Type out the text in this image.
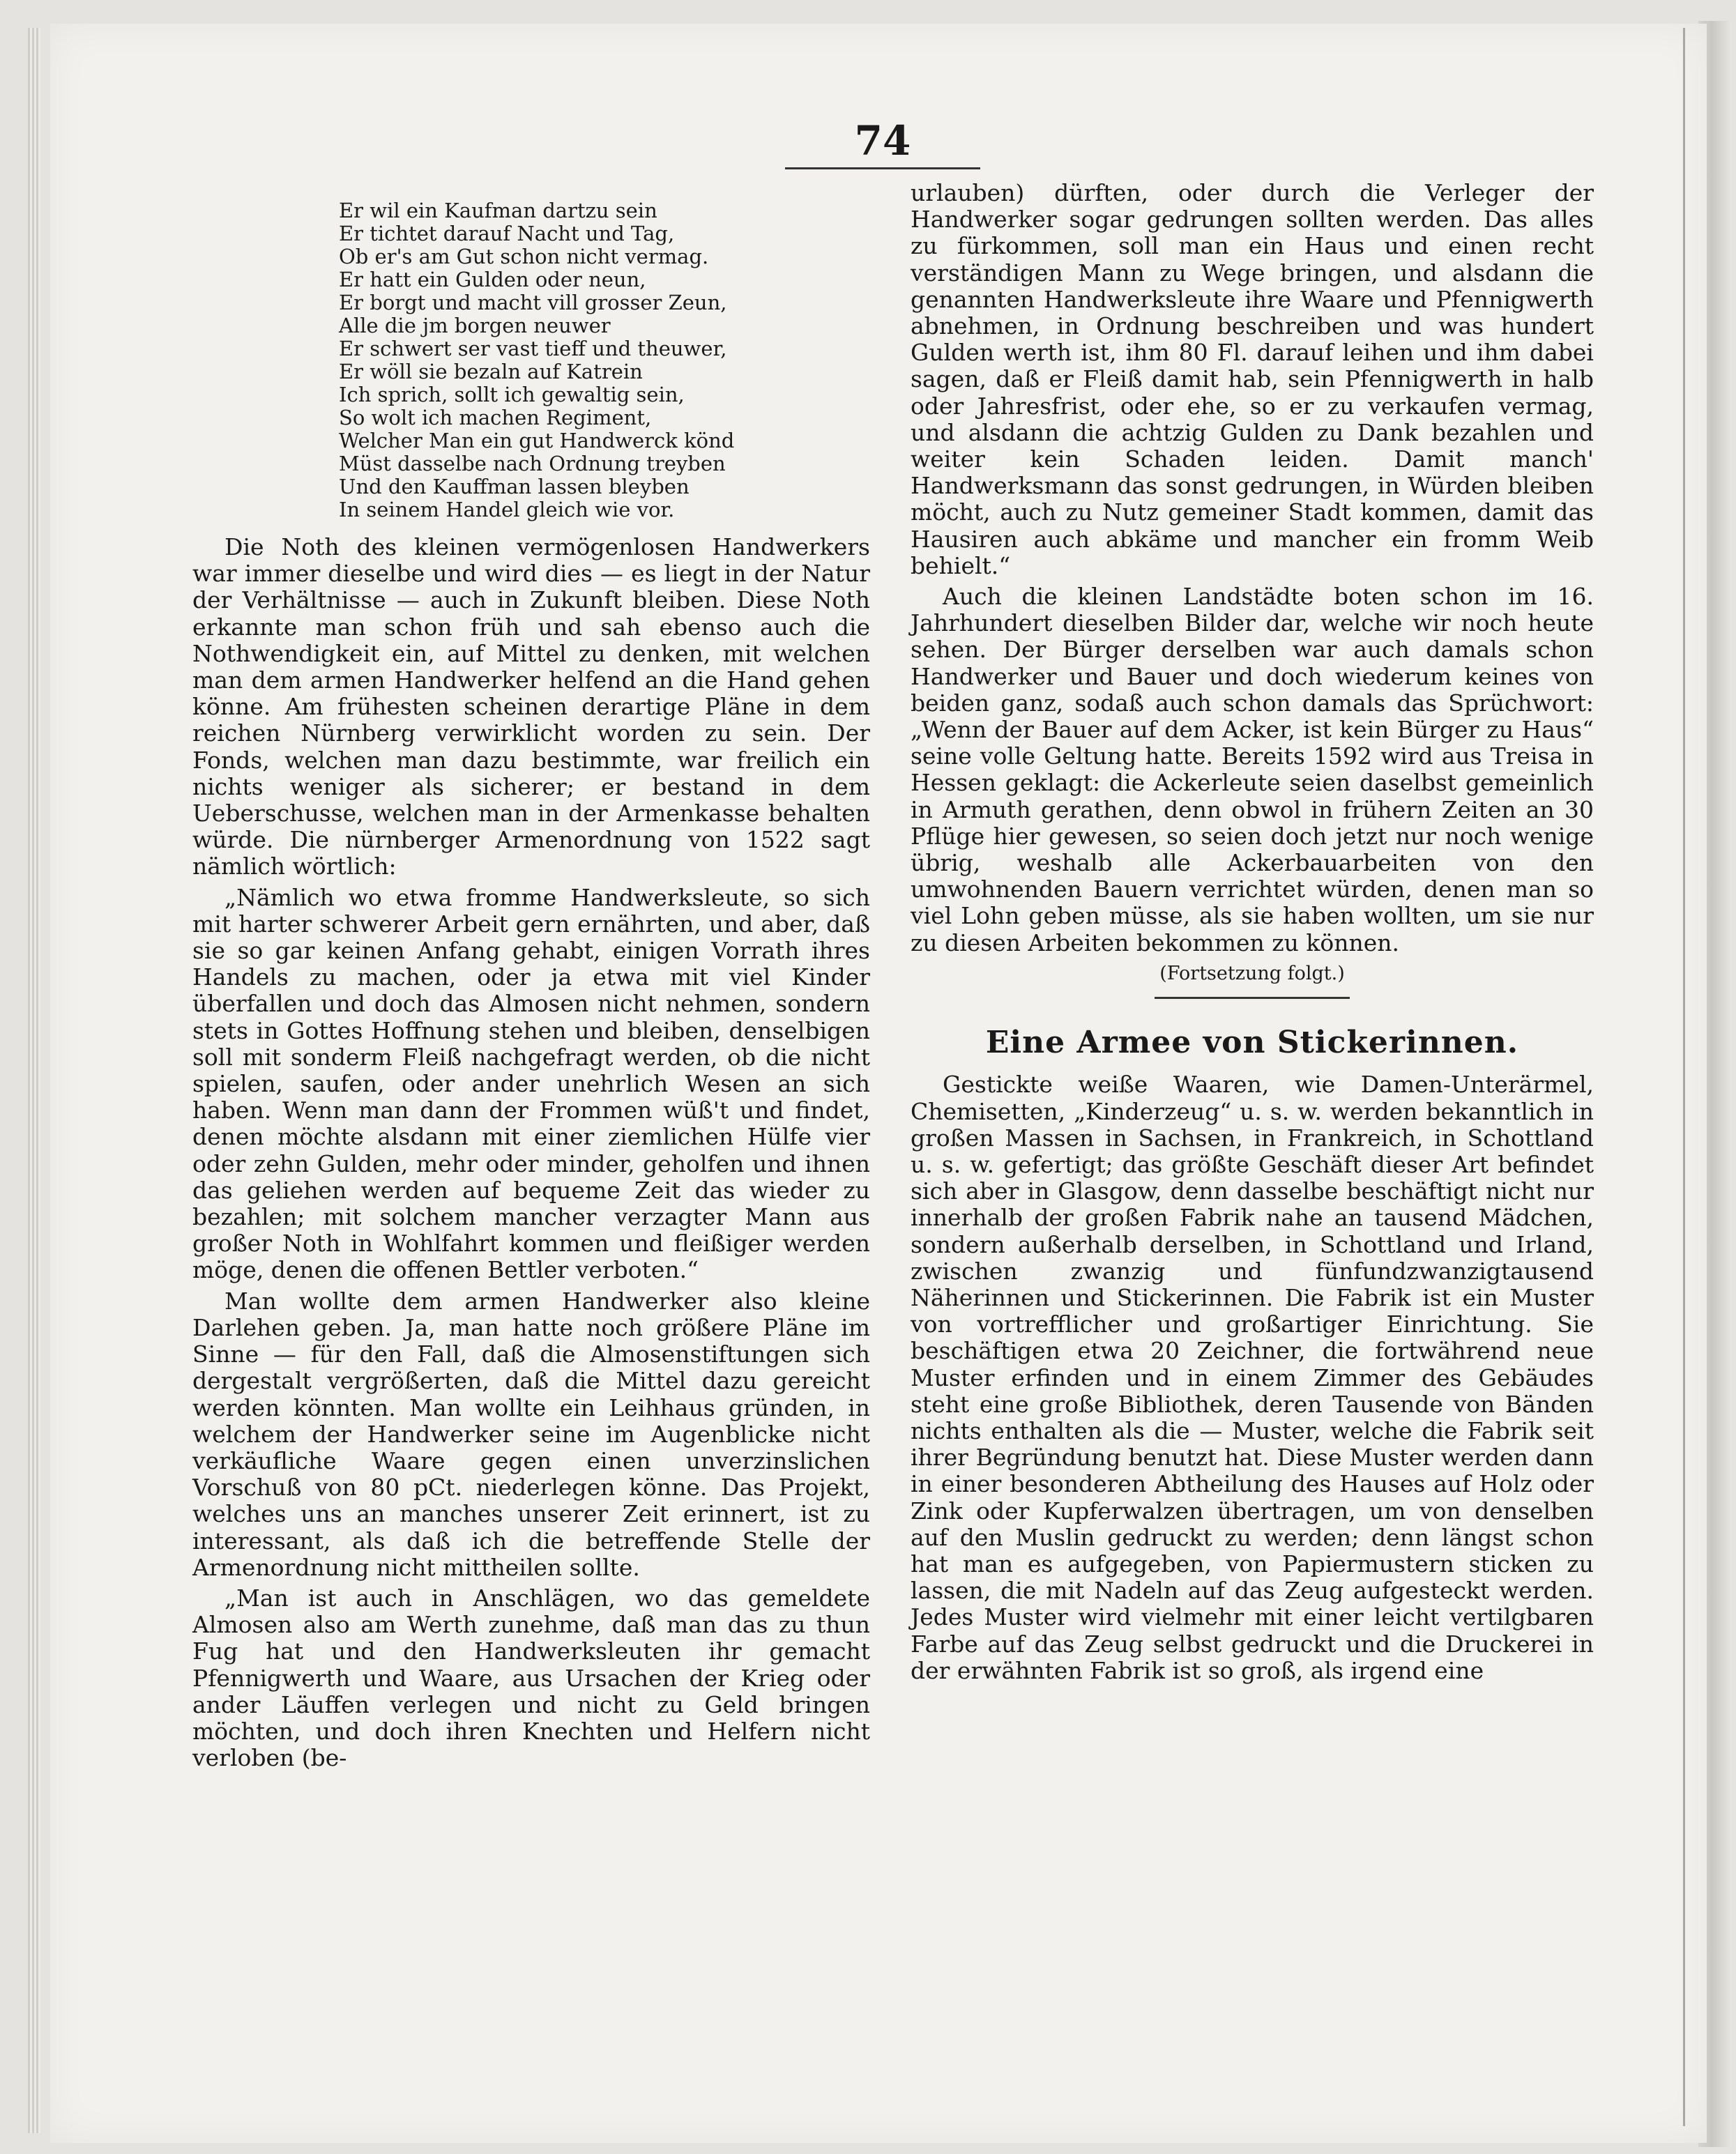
74
Er wil ein Kaufman dartzu sein
Er tichtet darauf Nacht und Tag,
Ob er's am Gut schon nicht vermag.
Er hatt ein Gulden oder neun,
Er borgt und macht vill grosser Zeun,
Alle die jm borgen neuwer
Er schwert ser vast tieff und theuwer,
Er wöll sie bezaln auf Katrein
Ich sprich, sollt ich gewaltig sein,
So wolt ich machen Regiment,
Welcher Man ein gut Handwerck könd
Müst dasselbe nach Ordnung treyben
Und den Kauffman lassen bleyben
In seinem Handel gleich wie vor.

Die Noth des kleinen vermögenlosen Handwerkers war immer dieselbe und wird dies — es liegt in der Natur der Verhältnisse — auch in Zukunft bleiben. Diese Noth erkannte man schon früh und sah ebenso auch die Nothwendigkeit ein, auf Mittel zu denken, mit welchen man dem armen Handwerker helfend an die Hand gehen könne. Am frühesten scheinen derartige Pläne in dem reichen Nürnberg verwirklicht worden zu sein. Der Fonds, welchen man dazu bestimmte, war freilich ein nichts weniger als sicherer; er bestand in dem Ueberschusse, welchen man in der Armenkasse behalten würde. Die nürnberger Armenordnung von 1522 sagt nämlich wörtlich:

„Nämlich wo etwa fromme Handwerksleute, so sich mit harter schwerer Arbeit gern ernährten, und aber, daß sie so gar keinen Anfang gehabt, einigen Vorrath ihres Handels zu machen, oder ja etwa mit viel Kinder überfallen und doch das Almosen nicht nehmen, sondern stets in Gottes Hoffnung stehen und bleiben, denselbigen soll mit sonderm Fleiß nachgefragt werden, ob die nicht spielen, saufen, oder ander unehrlich Wesen an sich haben. Wenn man dann der Frommen wüß't und findet, denen möchte alsdann mit einer ziemlichen Hülfe vier oder zehn Gulden, mehr oder minder, geholfen und ihnen das geliehen werden auf bequeme Zeit das wieder zu bezahlen; mit solchem mancher verzagter Mann aus großer Noth in Wohlfahrt kommen und fleißiger werden möge, denen die offenen Bettler verboten.“

Man wollte dem armen Handwerker also kleine Darlehen geben. Ja, man hatte noch größere Pläne im Sinne — für den Fall, daß die Almosenstiftungen sich dergestalt vergrößerten, daß die Mittel dazu gereicht werden könnten. Man wollte ein Leihhaus gründen, in welchem der Handwerker seine im Augenblicke nicht verkäufliche Waare gegen einen unverzinslichen Vorschuß von 80 pCt. niederlegen könne. Das Projekt, welches uns an manches unserer Zeit erinnert, ist zu interessant, als daß ich die betreffende Stelle der Armenordnung nicht mittheilen sollte.

„Man ist auch in Anschlägen, wo das gemeldete Almosen also am Werth zunehme, daß man das zu thun Fug hat und den Handwerksleuten ihr gemacht Pfennigwerth und Waare, aus Ursachen der Krieg oder ander Läuffen verlegen und nicht zu Geld bringen möchten, und doch ihren Knechten und Helfern nicht verloben (be-

urlauben) dürften, oder durch die Verleger der Handwerker sogar gedrungen sollten werden. Das alles zu fürkommen, soll man ein Haus und einen recht verständigen Mann zu Wege bringen, und alsdann die genannten Handwerksleute ihre Waare und Pfennigwerth abnehmen, in Ordnung beschreiben und was hundert Gulden werth ist, ihm 80 Fl. darauf leihen und ihm dabei sagen, daß er Fleiß damit hab, sein Pfennigwerth in halb oder Jahresfrist, oder ehe, so er zu verkaufen vermag, und alsdann die achtzig Gulden zu Dank bezahlen und weiter kein Schaden leiden. Damit manch' Handwerksmann das sonst gedrungen, in Würden bleiben möcht, auch zu Nutz gemeiner Stadt kommen, damit das Hausiren auch abkäme und mancher ein fromm Weib behielt.“

Auch die kleinen Landstädte boten schon im 16. Jahrhundert dieselben Bilder dar, welche wir noch heute sehen. Der Bürger derselben war auch damals schon Handwerker und Bauer und doch wiederum keines von beiden ganz, sodaß auch schon damals das Sprüchwort: „Wenn der Bauer auf dem Acker, ist kein Bürger zu Haus“ seine volle Geltung hatte. Bereits 1592 wird aus Treisa in Hessen geklagt: die Ackerleute seien daselbst gemeinlich in Armuth gerathen, denn obwol in frühern Zeiten an 30 Pflüge hier gewesen, so seien doch jetzt nur noch wenige übrig, weshalb alle Ackerbauarbeiten von den umwohnenden Bauern verrichtet würden, denen man so viel Lohn geben müsse, als sie haben wollten, um sie nur zu diesen Arbeiten bekommen zu können.

(Fortsetzung folgt.)

Eine Armee von Stickerinnen.

Gestickte weiße Waaren, wie Damen-Unterärmel, Chemisetten, „Kinderzeug“ u. s. w. werden bekanntlich in großen Massen in Sachsen, in Frankreich, in Schottland u. s. w. gefertigt; das größte Geschäft dieser Art befindet sich aber in Glasgow, denn dasselbe beschäftigt nicht nur innerhalb der großen Fabrik nahe an tausend Mädchen, sondern außerhalb derselben, in Schottland und Irland, zwischen zwanzig und fünfundzwanzigtausend Näherinnen und Stickerinnen. Die Fabrik ist ein Muster von vortrefflicher und großartiger Einrichtung. Sie beschäftigen etwa 20 Zeichner, die fortwährend neue Muster erfinden und in einem Zimmer des Gebäudes steht eine große Bibliothek, deren Tausende von Bänden nichts enthalten als die — Muster, welche die Fabrik seit ihrer Begründung benutzt hat. Diese Muster werden dann in einer besonderen Abtheilung des Hauses auf Holz oder Zink oder Kupferwalzen übertragen, um von denselben auf den Muslin gedruckt zu werden; denn längst schon hat man es aufgegeben, von Papiermustern sticken zu lassen, die mit Nadeln auf das Zeug aufgesteckt werden. Jedes Muster wird vielmehr mit einer leicht vertilgbaren Farbe auf das Zeug selbst gedruckt und die Druckerei in der erwähnten Fabrik ist so groß, als irgend eine
